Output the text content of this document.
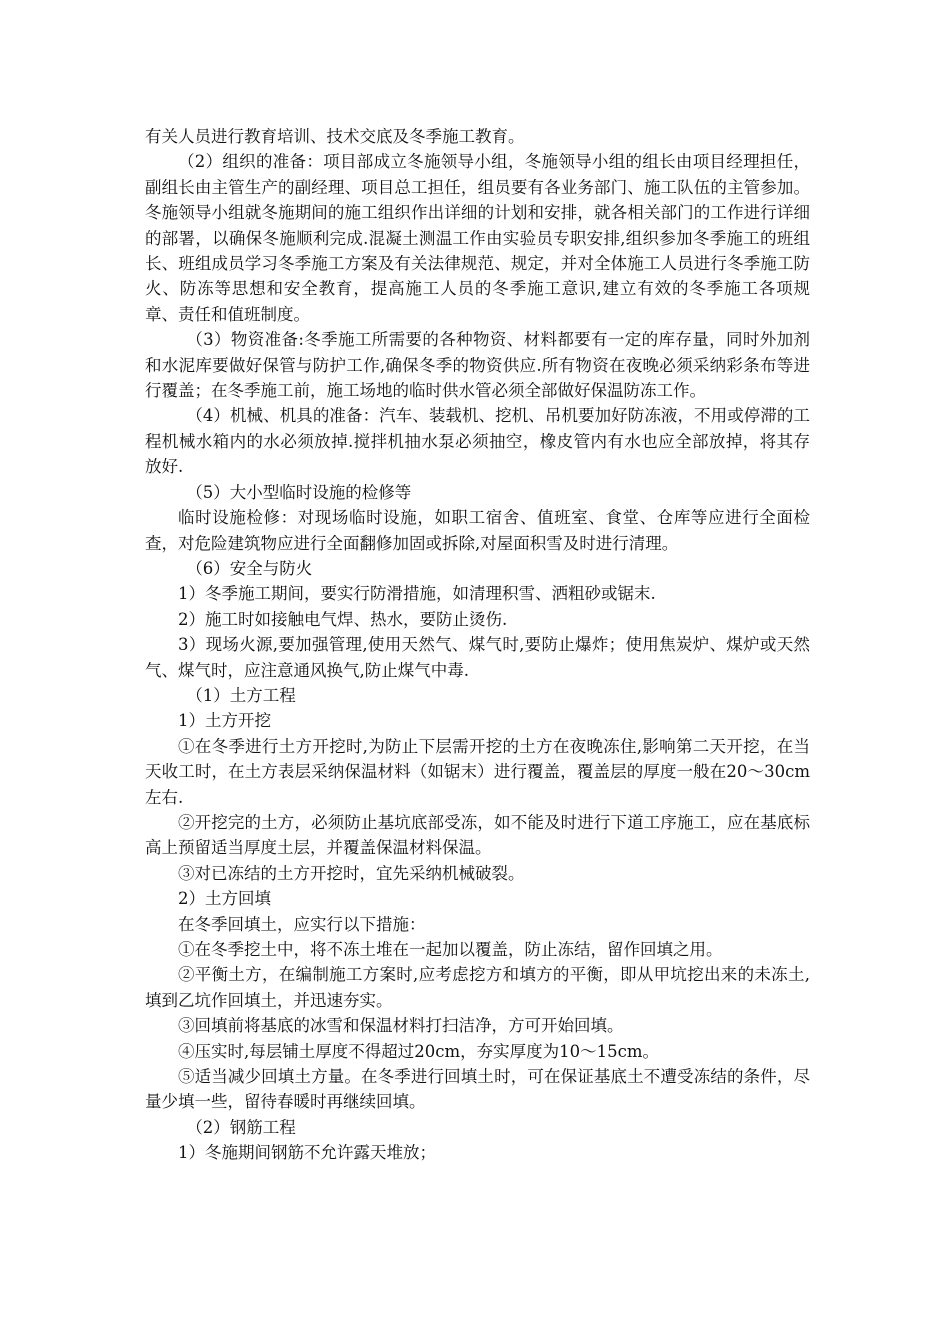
有关人员进行教育培训、技术交底及冬季施工教育。

（2）组织的准备：项目部成立冬施领导小组，冬施领导小组的组长由项目经理担任，副组长由主管生产的副经理、项目总工担任，组员要有各业务部门、施工队伍的主管参加。冬施领导小组就冬施期间的施工组织作出详细的计划和安排，就各相关部门的工作进行详细的部署，以确保冬施顺利完成.混凝土测温工作由实验员专职安排,组织参加冬季施工的班组长、班组成员学习冬季施工方案及有关法律规范、规定，并对全体施工人员进行冬季施工防火、防冻等思想和安全教育，提高施工人员的冬季施工意识,建立有效的冬季施工各项规章、责任和值班制度。

（3）物资准备:冬季施工所需要的各种物资、材料都要有一定的库存量，同时外加剂和水泥库要做好保管与防护工作,确保冬季的物资供应.所有物资在夜晚必须采纳彩条布等进行覆盖；在冬季施工前，施工场地的临时供水管必须全部做好保温防冻工作。

（4）机械、机具的准备：汽车、装载机、挖机、吊机要加好防冻液，不用或停滞的工程机械水箱内的水必须放掉.搅拌机抽水泵必须抽空，橡皮管内有水也应全部放掉，将其存放好.

（5）大小型临时设施的检修等

临时设施检修：对现场临时设施，如职工宿舍、值班室、食堂、仓库等应进行全面检查，对危险建筑物应进行全面翻修加固或拆除,对屋面积雪及时进行清理。

（6）安全与防火

1）冬季施工期间，要实行防滑措施，如清理积雪、洒粗砂或锯末.

2）施工时如接触电气焊、热水，要防止烫伤.

3）现场火源,要加强管理,使用天然气、煤气时,要防止爆炸；使用焦炭炉、煤炉或天然气、煤气时，应注意通风换气,防止煤气中毒.

（1）土方工程

1）土方开挖

①在冬季进行土方开挖时,为防止下层需开挖的土方在夜晚冻住,影响第二天开挖，在当天收工时，在土方表层采纳保温材料（如锯末）进行覆盖，覆盖层的厚度一般在20～30cm左右.

②开挖完的土方，必须防止基坑底部受冻，如不能及时进行下道工序施工，应在基底标高上预留适当厚度土层，并覆盖保温材料保温。

③对已冻结的土方开挖时，宜先采纳机械破裂。

2）土方回填

在冬季回填土，应实行以下措施：

①在冬季挖土中，将不冻土堆在一起加以覆盖，防止冻结，留作回填之用。

②平衡土方，在编制施工方案时,应考虑挖方和填方的平衡，即从甲坑挖出来的未冻土,填到乙坑作回填土，并迅速夯实。

③回填前将基底的冰雪和保温材料打扫洁净，方可开始回填。

④压实时,每层铺土厚度不得超过20cm，夯实厚度为10～15cm。

⑤适当减少回填土方量。在冬季进行回填土时，可在保证基底土不遭受冻结的条件，尽量少填一些，留待春暖时再继续回填。

（2）钢筋工程

1）冬施期间钢筋不允许露天堆放；
